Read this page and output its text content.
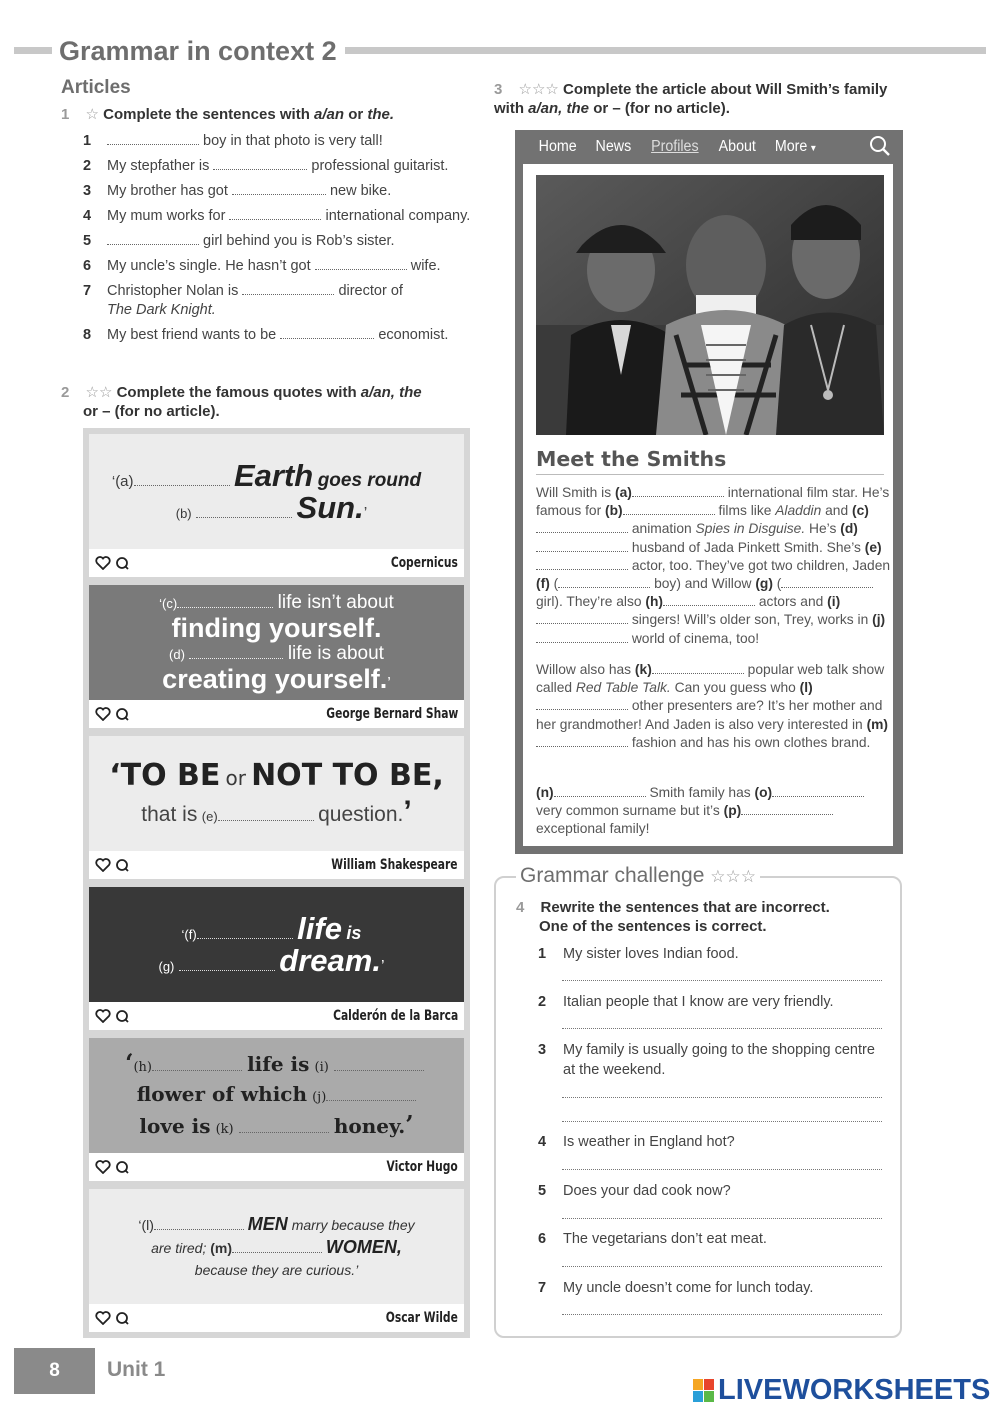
Grammar in context 2
Articles
1 ☆ Complete the sentences with a/an or the.
1	boy in that photo is very tall!
2	My stepfather is	professional guitarist.
3	My brother has got	new bike.
4	My mum works for	international company.
5	girl behind you is Rob’s sister.
6	My uncle’s single. He hasn’t got	wife.
7	Christopher Nolan is	director of
The Dark Knight.
8	My best friend wants to be	economist.
2 ☆☆ Complete the famous quotes with a/an, the
or – (for no article).
‘(a)	Earth goes round
(b)	Sun.’
Copernicus
‘(c)	life isn’t about
finding yourself.
(d)	life is about
creating yourself.’
George Bernard Shaw
‘TO BE or NOT TO BE,
that is (e)	question.’
William Shakespeare
‘(f)	life is
(g)	dream.’
Calderón de la Barca
‘(h)	life is (i)
flower of which (j)
love is (k)	honey.’
Victor Hugo
‘(l)	MEN marry because they
are tired; (m)	WOMEN,
because they are curious.’
Oscar Wilde
3 ☆☆☆ Complete the article about Will Smith’s family with a/an, the or – (for no article).
Home News Profiles About More ▼
Meet the Smiths
Will Smith is (a)	international film star. He’s famous for (b)	films like Aladdin and (c) animation Spies in Disguise. He’s (d) husband of Jada Pinkett Smith. She’s (e) actor, too. They’ve got two children, Jaden (f) (	boy) and Willow (g) ( girl). They’re also (h)	actors and (i) singers! Will’s older son, Trey, works in (j) world of cinema, too!
Willow also has (k)	popular web talk show called Red Table Talk. Can you guess who (l) other presenters are? It’s her mother and her grandmother! And Jaden is also very interested in (m) fashion and has his own clothes brand.
(n)	Smith family has (o) very common surname but it’s (p) exceptional family!
Grammar challenge ☆☆☆
4 Rewrite the sentences that are incorrect.
One of the sentences is correct.
1 My sister loves Indian food.
2 Italian people that I know are very friendly.
3 My family is usually going to the shopping centre at the weekend.
4 Is weather in England hot?
5 Does your dad cook now?
6 The vegetarians don’t eat meat.
7 My uncle doesn’t come for lunch today.
8 Unit 1
LIVEWORKSHEETS
